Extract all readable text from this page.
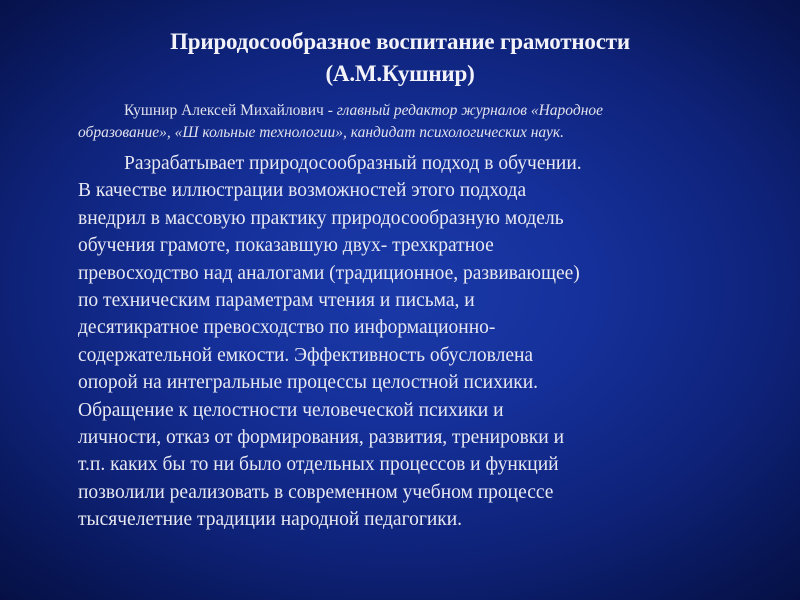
Природосообразное воспитание грамотности
(А.М.Кушнир)
Кушнир Алексей Михайлович - главный редактор журналов «Народное
образование», «Ш кольные технологии», кандидат психологических наук.
Разрабатывает природосообразный подход в обучении.
В качестве иллюстрации возможностей этого подхода
внедрил в массовую практику природосообразную модель
обучения грамоте, показавшую двух- трехкратное
превосходство над аналогами (традиционное, развивающее)
по техническим параметрам чтения и письма, и
десятикратное превосходство по информационно-
содержательной емкости. Эффективность обусловлена
опорой на интегральные процессы целостной психики.
Обращение к целостности человеческой психики и
личности, отказ от формирования, развития, тренировки и
т.п. каких бы то ни было отдельных процессов и функций
позволили реализовать в современном учебном процессе
тысячелетние традиции народной педагогики.
